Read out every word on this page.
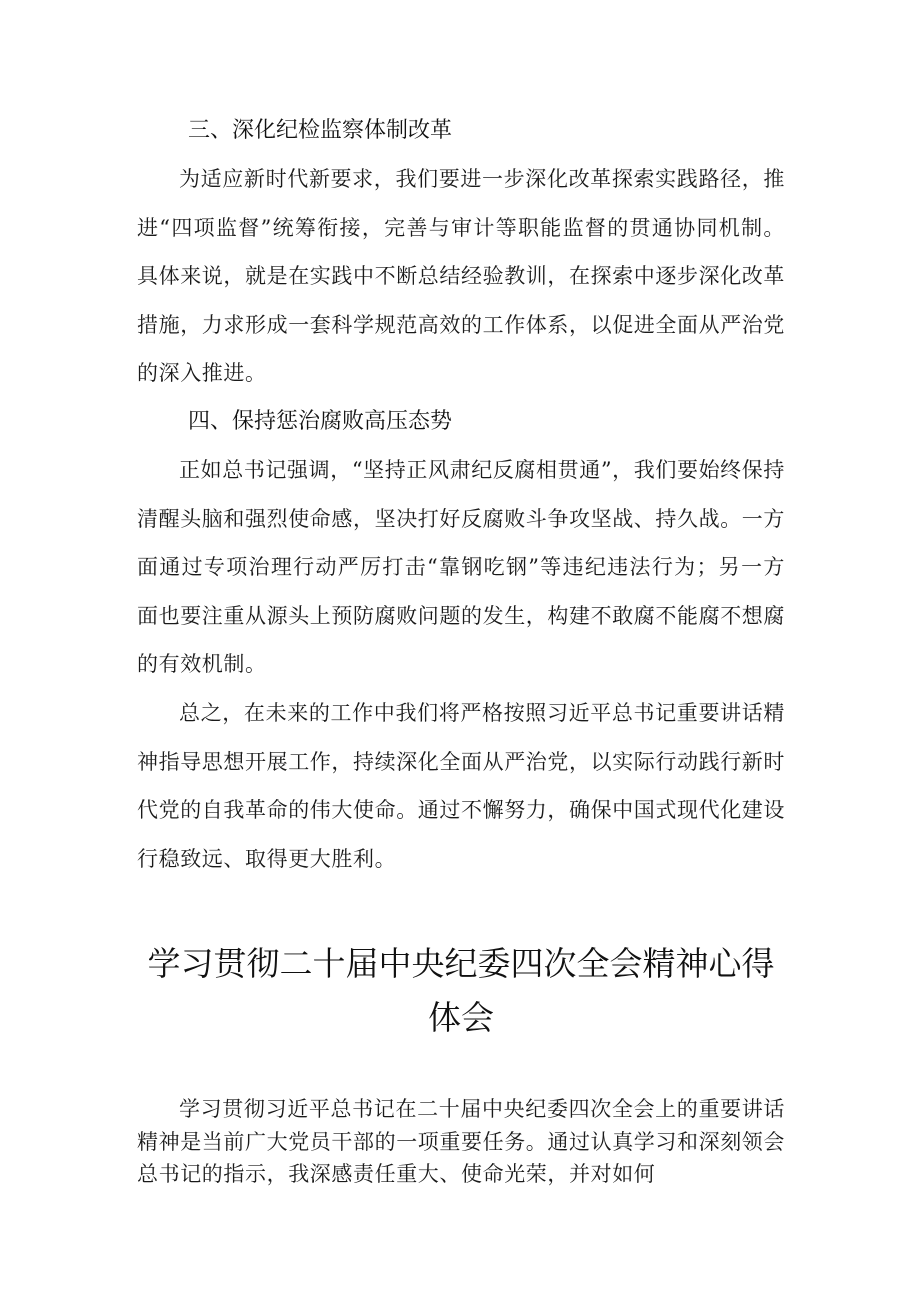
三、深化纪检监察体制改革
为适应新时代新要求，我们要进一步深化改革探索实践路径，推进“四项监督”统筹衔接，完善与审计等职能监督的贯通协同机制。具体来说，就是在实践中不断总结经验教训，在探索中逐步深化改革措施，力求形成一套科学规范高效的工作体系，以促进全面从严治党的深入推进。
四、保持惩治腐败高压态势
正如总书记强调，“坚持正风肃纪反腐相贯通”，我们要始终保持清醒头脑和强烈使命感，坚决打好反腐败斗争攻坚战、持久战。一方面通过专项治理行动严厉打击“靠钢吃钢”等违纪违法行为；另一方面也要注重从源头上预防腐败问题的发生，构建不敢腐不能腐不想腐的有效机制。
总之，在未来的工作中我们将严格按照习近平总书记重要讲话精神指导思想开展工作，持续深化全面从严治党，以实际行动践行新时代党的自我革命的伟大使命。通过不懈努力，确保中国式现代化建设行稳致远、取得更大胜利。
学习贯彻二十届中央纪委四次全会精神心得体会
学习贯彻习近平总书记在二十届中央纪委四次全会上的重要讲话精神是当前广大党员干部的一项重要任务。通过认真学习和深刻领会总书记的指示，我深感责任重大、使命光荣，并对如何
